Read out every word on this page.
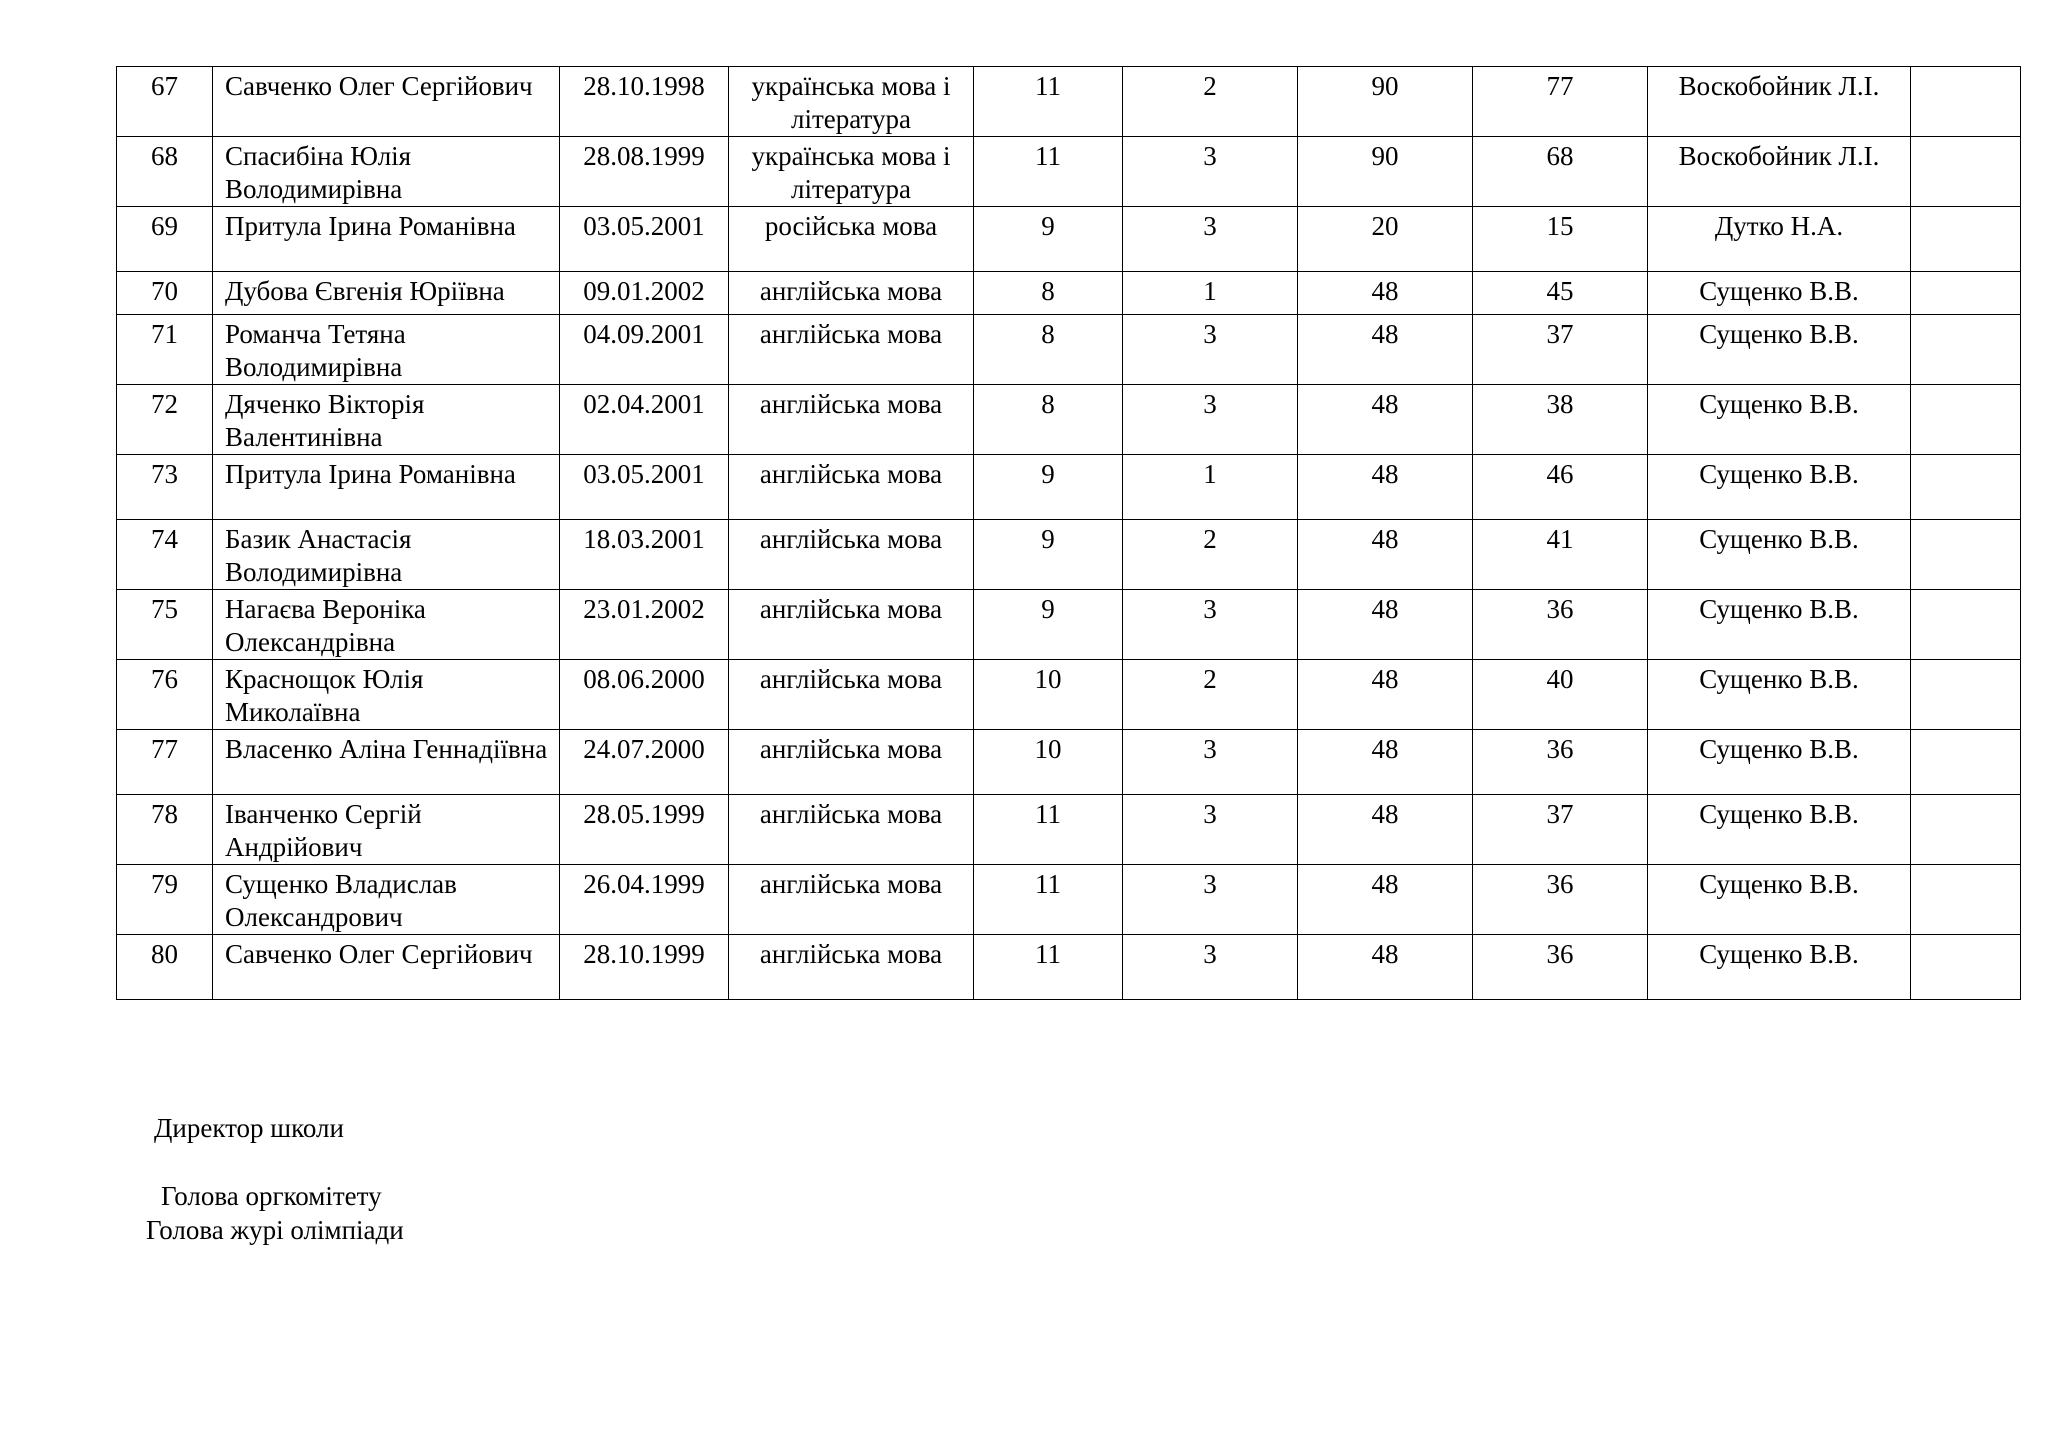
67	Савченко Олег Сергійович	28.10.1998	українська мова і література	11	2	90	77	Воскобойник Л.І.	
68	Спасибіна Юлія Володимирівна	28.08.1999	українська мова і література	11	3	90	68	Воскобойник Л.І.	
69	Притула Ірина Романівна	03.05.2001	російська мова	9	3	20	15	Дутко Н.А.	
70	Дубова Євгенія Юріївна	09.01.2002	англійська мова	8	1	48	45	Сущенко В.В.	
71	Романча Тетяна Володимирівна	04.09.2001	англійська мова	8	3	48	37	Сущенко В.В.	
72	Дяченко Вікторія Валентинівна	02.04.2001	англійська мова	8	3	48	38	Сущенко В.В.	
73	Притула Ірина Романівна	03.05.2001	англійська мова	9	1	48	46	Сущенко В.В.	
74	Базик Анастасія Володимирівна	18.03.2001	англійська мова	9	2	48	41	Сущенко В.В.	
75	Нагаєва Вероніка Олександрівна	23.01.2002	англійська мова	9	3	48	36	Сущенко В.В.	
76	Краснощок Юлія Миколаївна	08.06.2000	англійська мова	10	2	48	40	Сущенко В.В.	
77	Власенко Аліна Геннадіївна	24.07.2000	англійська мова	10	3	48	36	Сущенко В.В.	
78	Іванченко Сергій Андрійович	28.05.1999	англійська мова	11	3	48	37	Сущенко В.В.	
79	Сущенко Владислав Олександрович	26.04.1999	англійська мова	11	3	48	36	Сущенко В.В.	
80	Савченко Олег Сергійович	28.10.1999	англійська мова	11	3	48	36	Сущенко В.В.	
Директор школи
Голова оргкомітету
Голова журі олімпіади
